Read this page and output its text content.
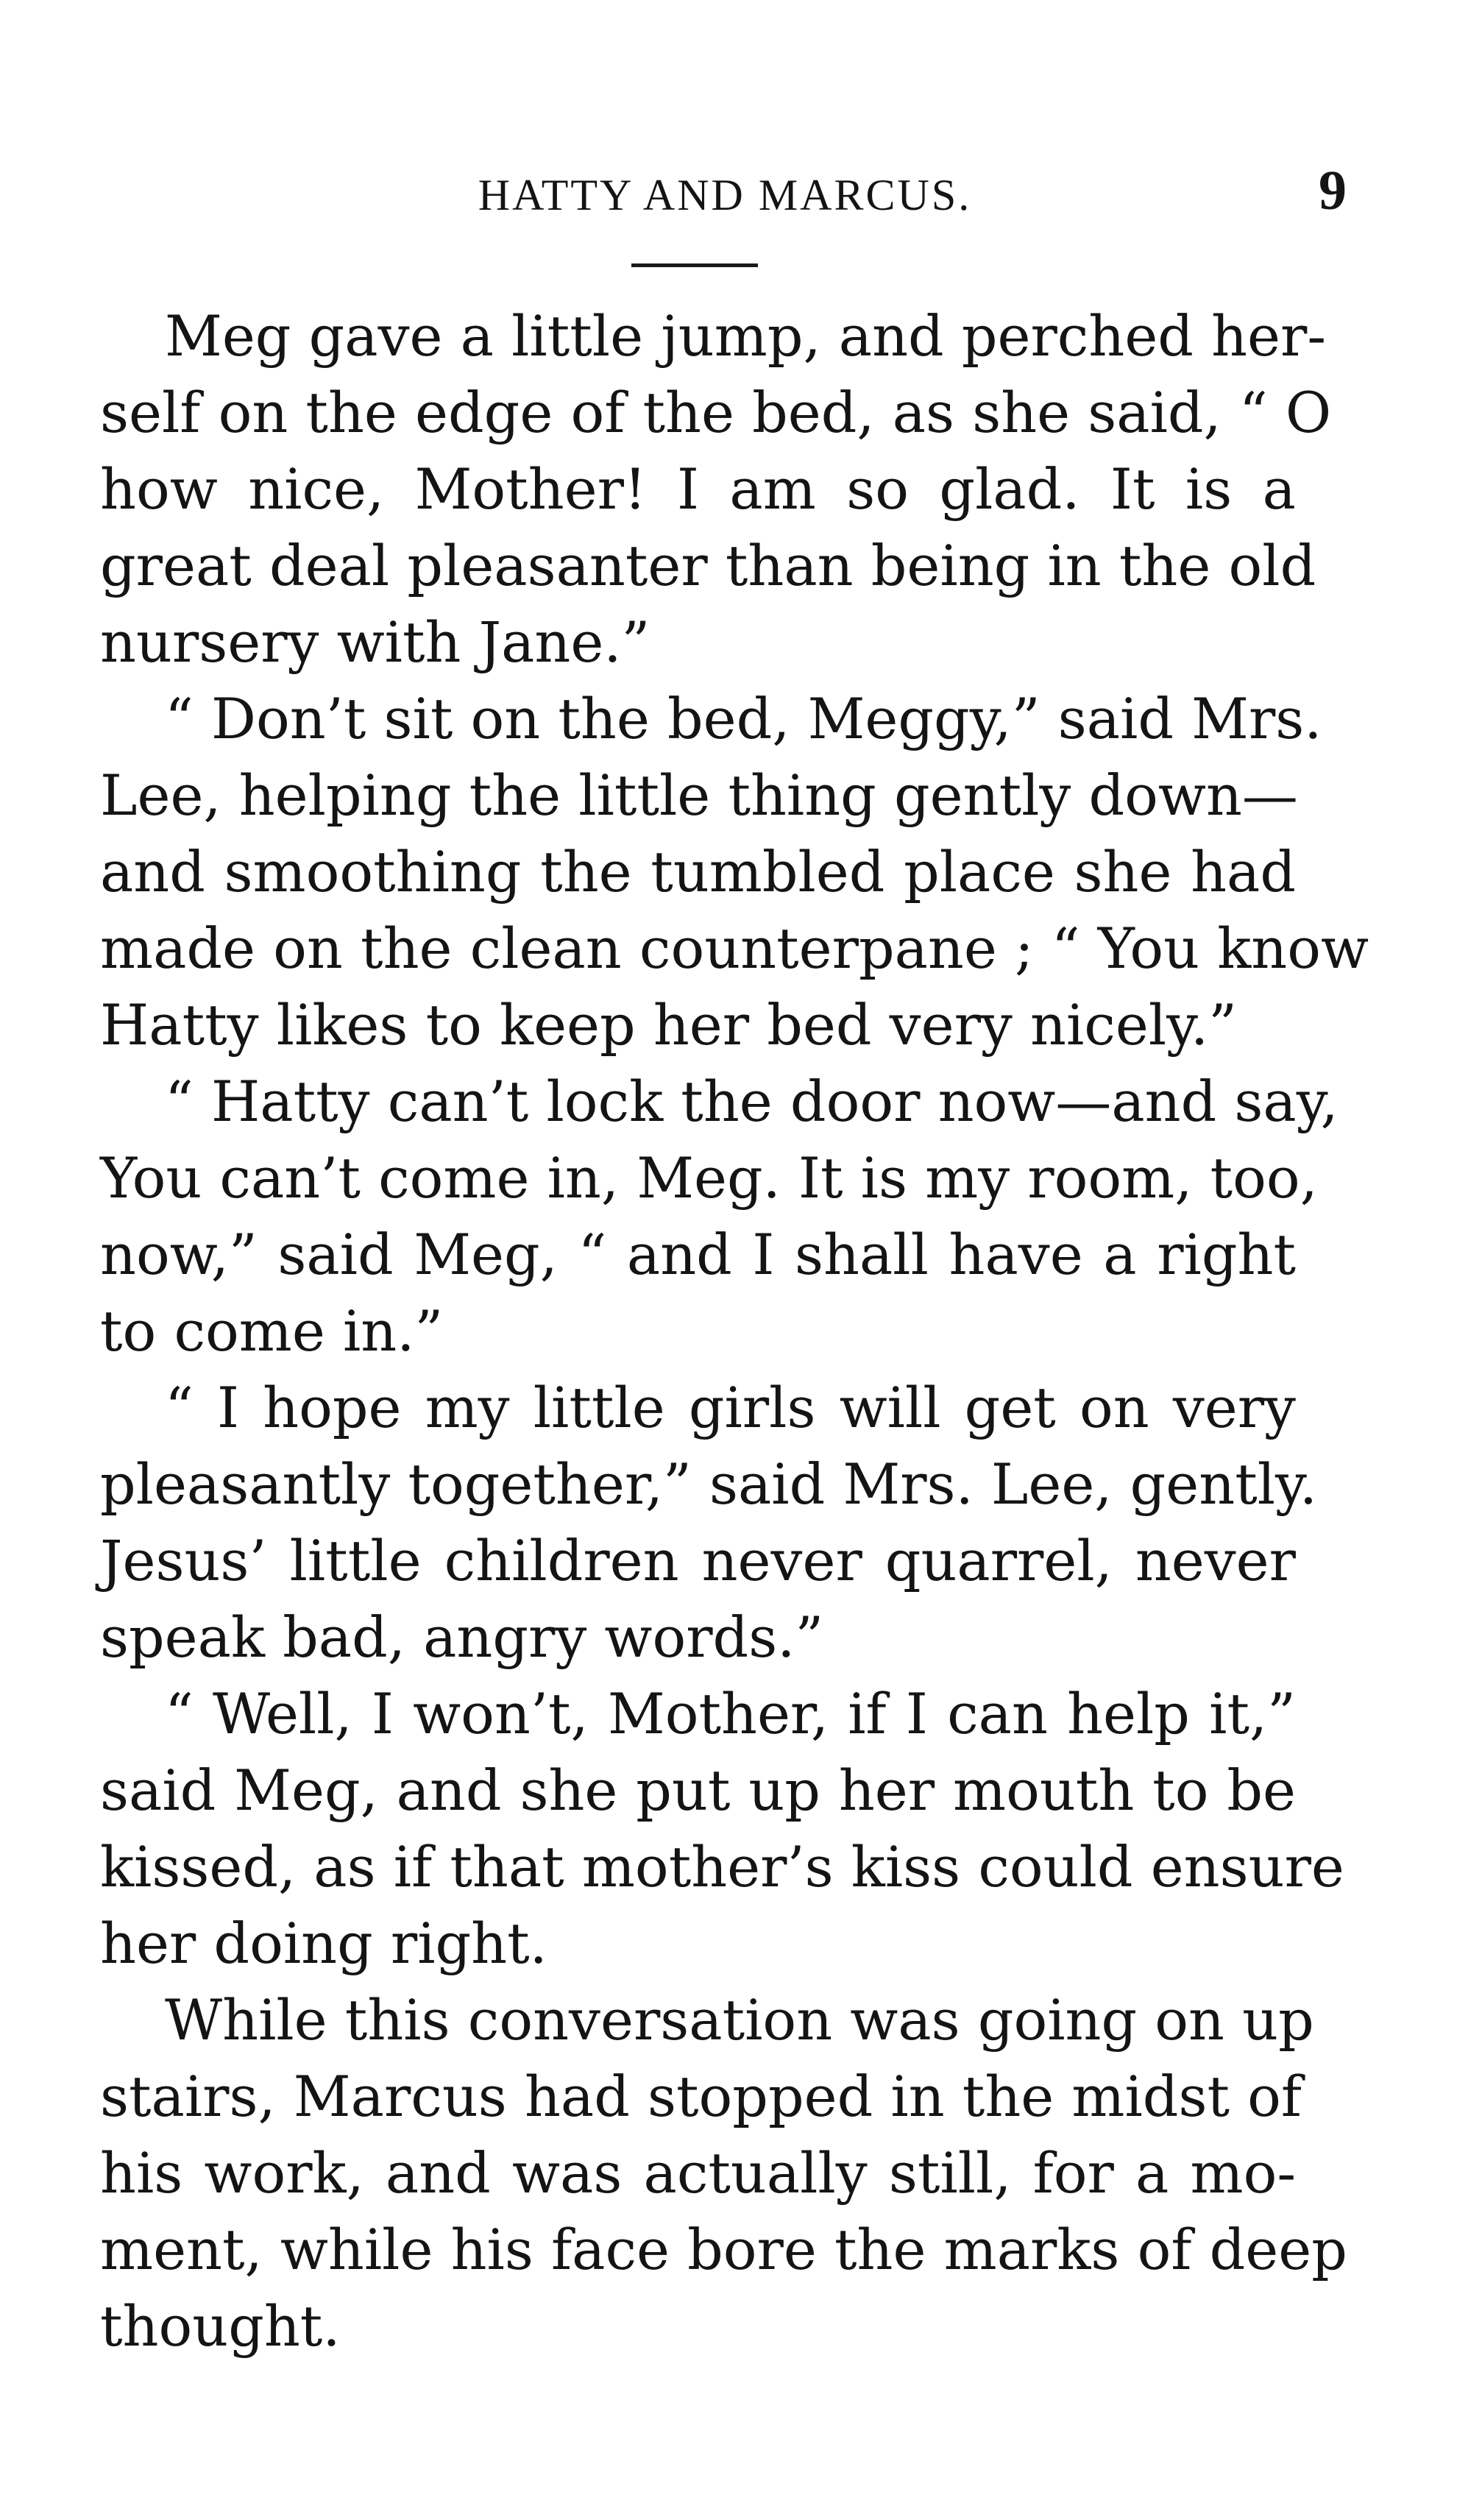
HATTY AND MARCUS.	9
Meg gave a little jump, and perched her-
self on the edge of the bed, as she said, “ O
how nice, Mother! I am so glad. It is a
great deal pleasanter than being in the old
nursery with Jane.”
“ Don’t sit on the bed, Meggy,” said Mrs.
Lee, helping the little thing gently down—
and smoothing the tumbled place she had
made on the clean counterpane ; “ You know
Hatty likes to keep her bed very nicely.”
“ Hatty can’t lock the door now—and say,
You can’t come in, Meg. It is my room, too,
now,” said Meg, “ and I shall have a right
to come in.”
“ I hope my little girls will get on very
pleasantly together,” said Mrs. Lee, gently.
Jesus’ little children never quarrel, never
speak bad, angry words.”
“ Well, I won’t, Mother, if I can help it,”
said Meg, and she put up her mouth to be
kissed, as if that mother’s kiss could ensure
her doing right.
While this conversation was going on up
stairs, Marcus had stopped in the midst of
his work, and was actually still, for a mo-
ment, while his face bore the marks of deep
thought.
